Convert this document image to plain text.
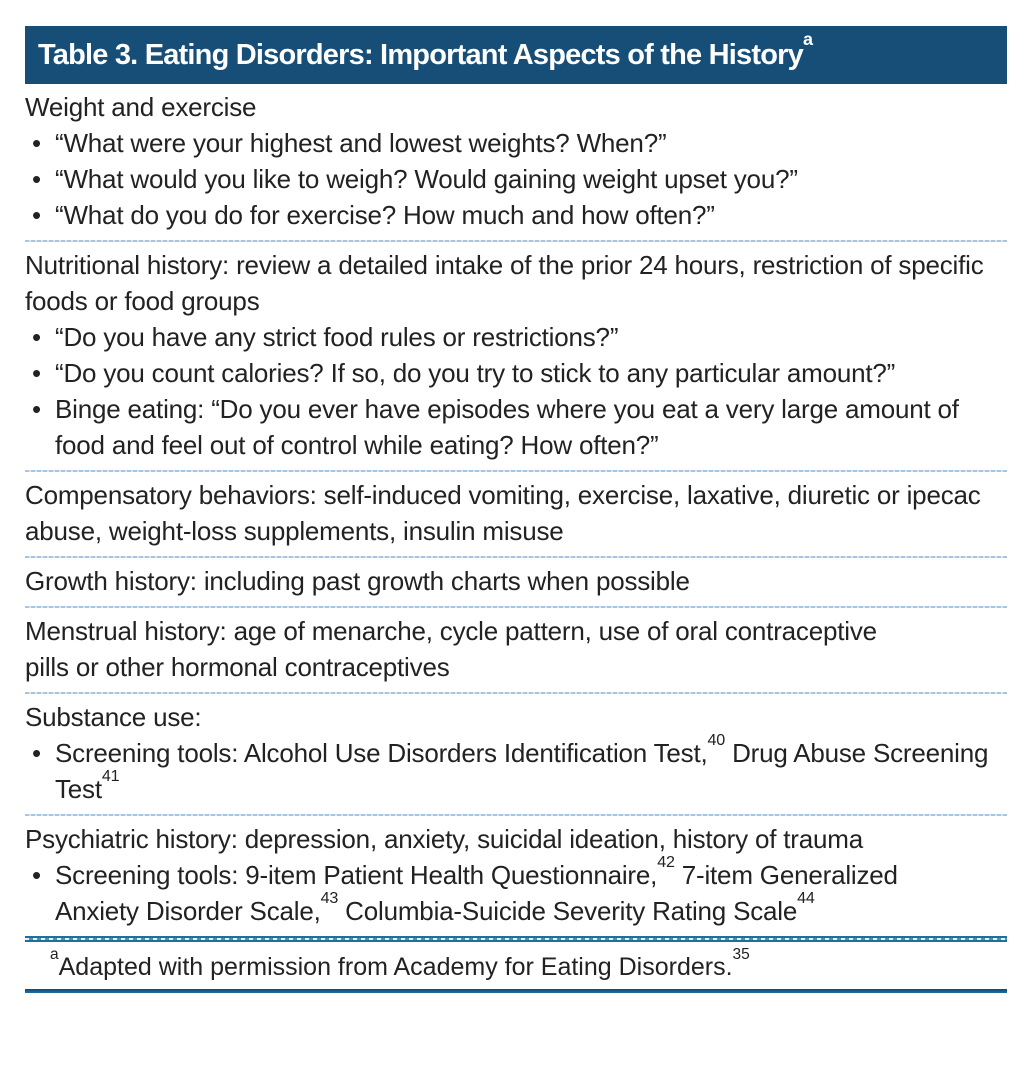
Table 3. Eating Disorders: Important Aspects of the History$^a$
Weight and exercise
• “What were your highest and lowest weights? When?”
• “What would you like to weigh? Would gaining weight upset you?”
• “What do you do for exercise? How much and how often?”
Nutritional history: review a detailed intake of the prior 24 hours, restriction of specific foods or food groups
• “Do you have any strict food rules or restrictions?”
• “Do you count calories? If so, do you try to stick to any particular amount?”
• Binge eating: “Do you ever have episodes where you eat a very large amount of food and feel out of control while eating? How often?”
Compensatory behaviors: self-induced vomiting, exercise, laxative, diuretic or ipecac abuse, weight-loss supplements, insulin misuse
Growth history: including past growth charts when possible
Menstrual history: age of menarche, cycle pattern, use of oral contraceptive pills or other hormonal contraceptives
Substance use:
• Screening tools: Alcohol Use Disorders Identification Test,$^{40}$ Drug Abuse Screening Test$^{41}$
Psychiatric history: depression, anxiety, suicidal ideation, history of trauma
• Screening tools: 9-item Patient Health Questionnaire,$^{42}$ 7-item Generalized Anxiety Disorder Scale,$^{43}$ Columbia-Suicide Severity Rating Scale$^{44}$
$^a$Adapted with permission from Academy for Eating Disorders.$^{35}$
